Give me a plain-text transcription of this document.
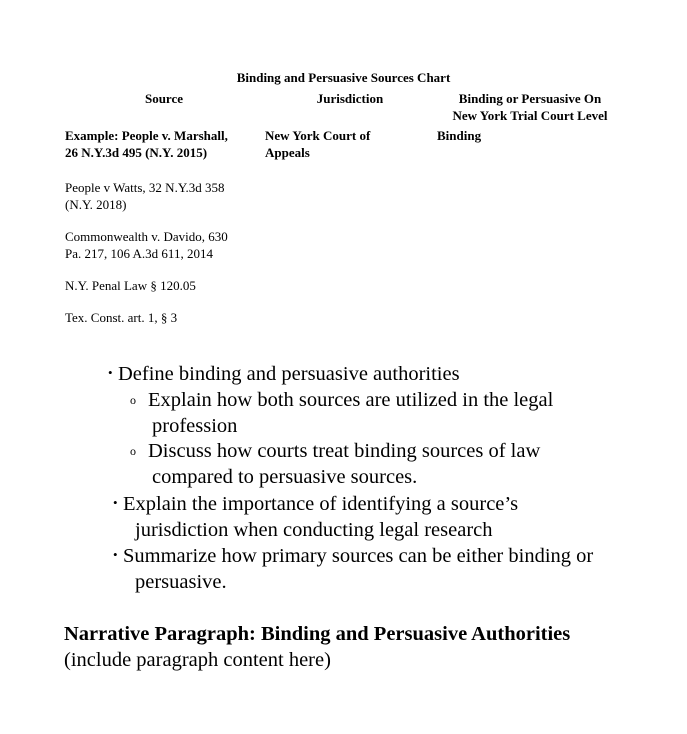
Binding and Persuasive Sources Chart
Source	Jurisdiction	Binding or Persuasive On
New York Trial Court Level
Example: People v. Marshall,
26 N.Y.3d 495 (N.Y. 2015)
New York Court of
Appeals
Binding
People v Watts, 32 N.Y.3d 358
(N.Y. 2018)
Commonwealth v. Davido, 630
Pa. 217, 106 A.3d 611, 2014
N.Y. Penal Law § 120.05
Tex. Const. art. 1, § 3
• Define binding and persuasive authorities
o Explain how both sources are utilized in the legal
profession
o Discuss how courts treat binding sources of law
compared to persuasive sources.
• Explain the importance of identifying a source’s
jurisdiction when conducting legal research
• Summarize how primary sources can be either binding or
persuasive.
Narrative Paragraph: Binding and Persuasive Authorities
(include paragraph content here)
